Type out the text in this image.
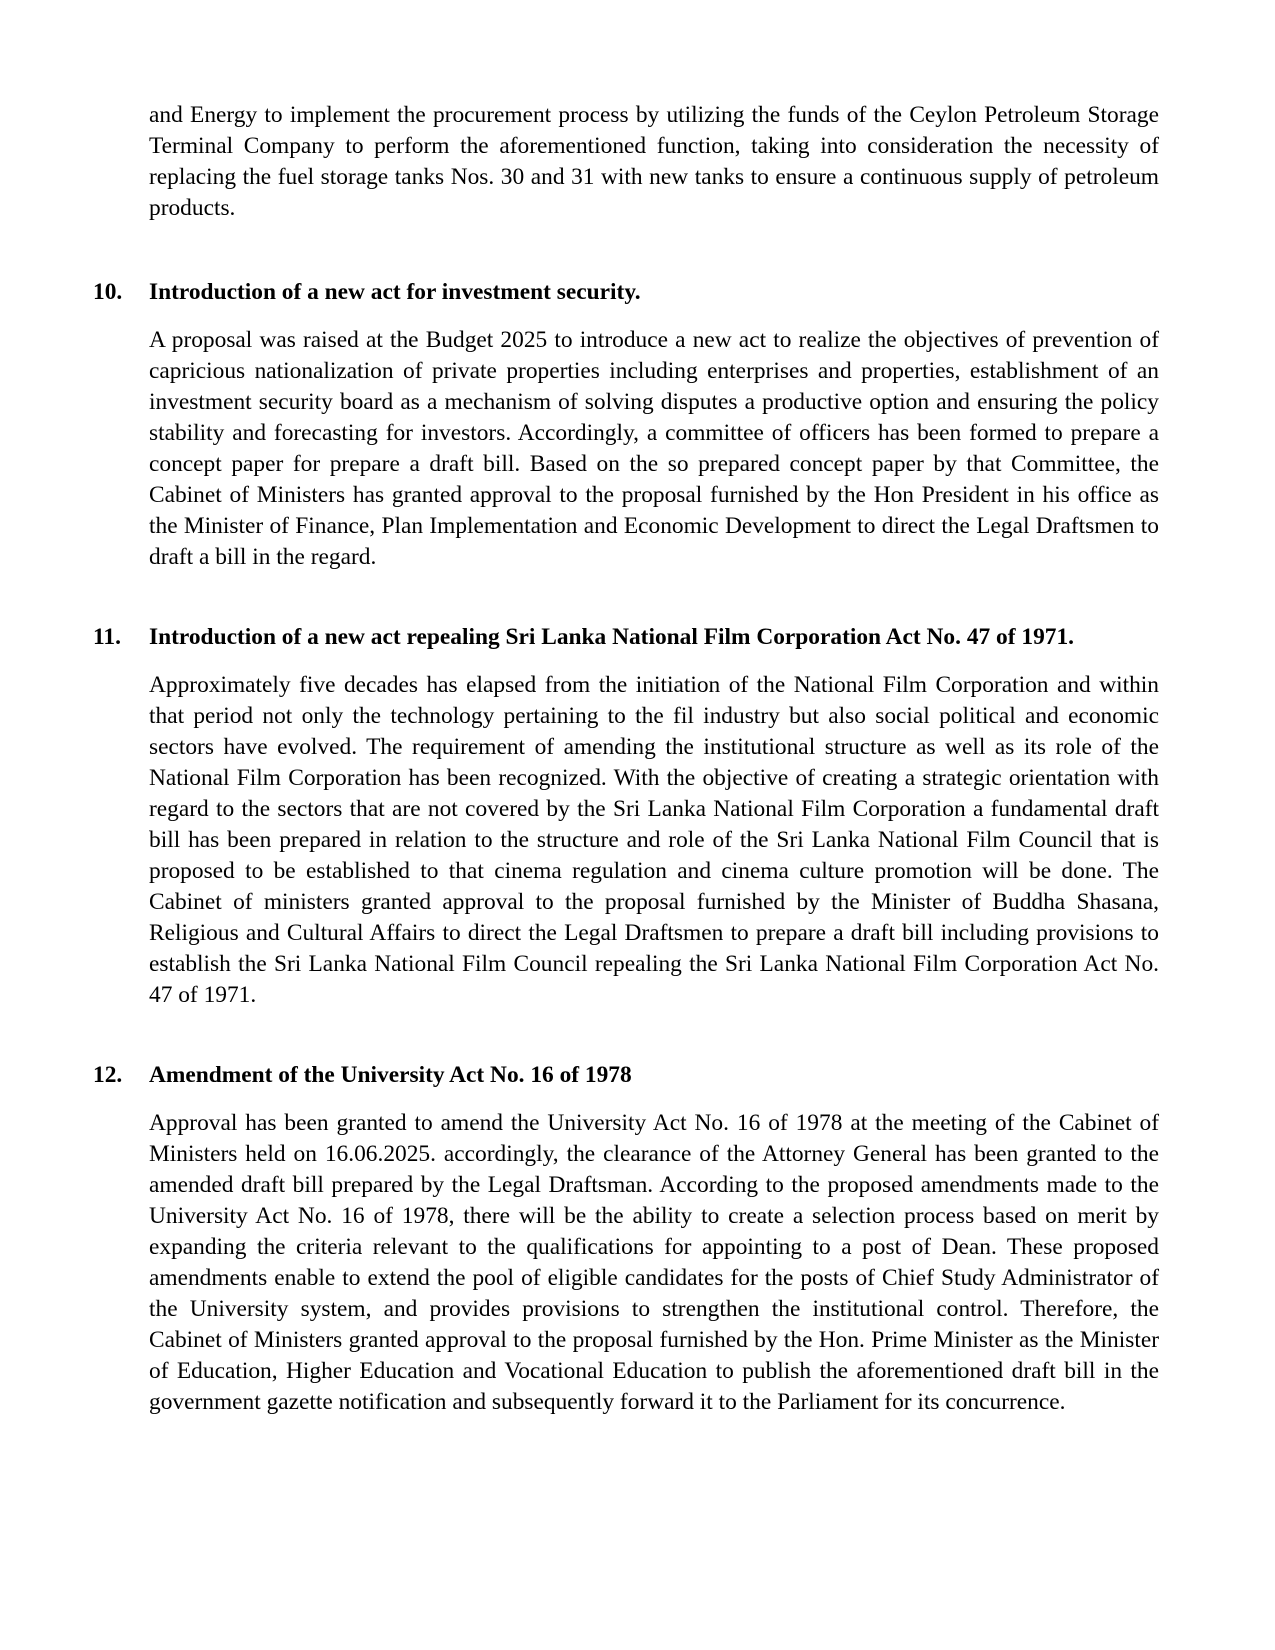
and Energy to implement the procurement process by utilizing the funds of the Ceylon Petroleum Storage Terminal Company to perform the aforementioned function, taking into consideration the necessity of replacing the fuel storage tanks Nos. 30 and 31 with new tanks to ensure a continuous supply of petroleum products.

10. Introduction of a new act for investment security.

A proposal was raised at the Budget 2025 to introduce a new act to realize the objectives of prevention of capricious nationalization of private properties including enterprises and properties, establishment of an investment security board as a mechanism of solving disputes a productive option and ensuring the policy stability and forecasting for investors. Accordingly, a committee of officers has been formed to prepare a concept paper for prepare a draft bill. Based on the so prepared concept paper by that Committee, the Cabinet of Ministers has granted approval to the proposal furnished by the Hon President in his office as the Minister of Finance, Plan Implementation and Economic Development to direct the Legal Draftsmen to draft a bill in the regard.

11. Introduction of a new act repealing Sri Lanka National Film Corporation Act No. 47 of 1971.

Approximately five decades has elapsed from the initiation of the National Film Corporation and within that period not only the technology pertaining to the fil industry but also social political and economic sectors have evolved. The requirement of amending the institutional structure as well as its role of the National Film Corporation has been recognized. With the objective of creating a strategic orientation with regard to the sectors that are not covered by the Sri Lanka National Film Corporation a fundamental draft bill has been prepared in relation to the structure and role of the Sri Lanka National Film Council that is proposed to be established to that cinema regulation and cinema culture promotion will be done. The Cabinet of ministers granted approval to the proposal furnished by the Minister of Buddha Shasana, Religious and Cultural Affairs to direct the Legal Draftsmen to prepare a draft bill including provisions to establish the Sri Lanka National Film Council repealing the Sri Lanka National Film Corporation Act No. 47 of 1971.

12. Amendment of the University Act No. 16 of 1978

Approval has been granted to amend the University Act No. 16 of 1978 at the meeting of the Cabinet of Ministers held on 16.06.2025. accordingly, the clearance of the Attorney General has been granted to the amended draft bill prepared by the Legal Draftsman. According to the proposed amendments made to the University Act No. 16 of 1978, there will be the ability to create a selection process based on merit by expanding the criteria relevant to the qualifications for appointing to a post of Dean. These proposed amendments enable to extend the pool of eligible candidates for the posts of Chief Study Administrator of the University system, and provides provisions to strengthen the institutional control. Therefore, the Cabinet of Ministers granted approval to the proposal furnished by the Hon. Prime Minister as the Minister of Education, Higher Education and Vocational Education to publish the aforementioned draft bill in the government gazette notification and subsequently forward it to the Parliament for its concurrence.
